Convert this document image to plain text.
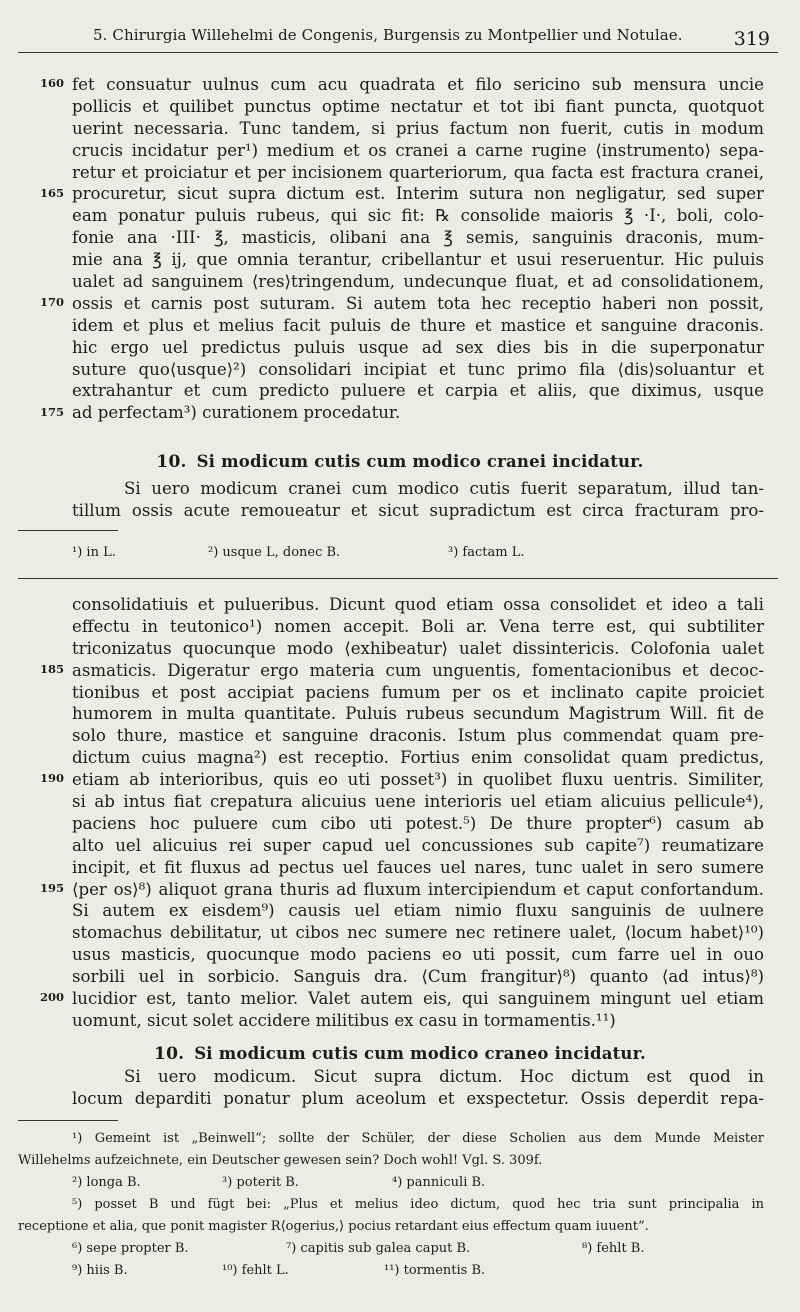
5. Chirurgia Willehelmi de Congenis, Burgensis zu Montpellier und Notulae.	319
fet consuatur uulnus cum acu quadrata et filo sericino sub mensura uncie
160
pollicis et quilibet punctus optime nectatur et tot ibi fiant puncta, quotquot
uerint necessaria. Tunc tandem, si prius factum non fuerit, cutis in modum
crucis incidatur per¹) medium et os cranei a carne rugine ⟨instrumento⟩ sepa-
retur et proiciatur et per incisionem quarteriorum, qua facta est fractura cranei,
procuretur, sicut supra dictum est. Interim sutura non negligatur, sed super
165
eam ponatur puluis rubeus, qui sic fit: ℞ consolide maioris ℥ ·I·, boli, colo-
fonie ana ·III· ℥, masticis, olibani ana ℥ semis, sanguinis draconis, mum-
mie ana ℥ ij, que omnia terantur, cribellantur et usui reseruentur. Hic puluis
ualet ad sanguinem ⟨res⟩tringendum, undecunque fluat, et ad consolidationem,
ossis et carnis post suturam. Si autem tota hec receptio haberi non possit,
170
idem et plus et melius facit puluis de thure et mastice et sanguine draconis.
hic ergo uel predictus puluis usque ad sex dies bis in die superponatur
suture quo⟨usque⟩²) consolidari incipiat et tunc primo fila ⟨dis⟩soluantur et
extrahantur et cum predicto puluere et carpia et aliis, que diximus, usque
ad perfectam³) curationem procedatur.
175
10. Si modicum cutis cum modico cranei incidatur.
Si uero modicum cranei cum modico cutis fuerit separatum, illud tan-
tillum ossis acute remoueatur et sicut supradictum est circa fracturam pro-
¹) in L.	²) usque L, donec B.	³) factam L.
consolidatiuis et pulueribus. Dicunt quod etiam ossa consolidet et ideo a tali
effectu in teutonico¹) nomen accepit. Boli ar. Vena terre est, qui subtiliter
triconizatus quocunque modo ⟨exhibeatur⟩ ualet dissintericis. Colofonia ualet
asmaticis. Digeratur ergo materia cum unguentis, fomentacionibus et decoc-
185
tionibus et post accipiat paciens fumum per os et inclinato capite proiciet
humorem in multa quantitate. Puluis rubeus secundum Magistrum Will. fit de
solo thure, mastice et sanguine draconis. Istum plus commendat quam pre-
dictum cuius magna²) est receptio. Fortius enim consolidat quam predictus,
etiam ab interioribus, quis eo uti posset³) in quolibet fluxu uentris. Similiter,
190
si ab intus fiat crepatura alicuius uene interioris uel etiam alicuius pellicule⁴),
paciens hoc puluere cum cibo uti potest.⁵) De thure propter⁶) casum ab
alto uel alicuius rei super capud uel concussiones sub capite⁷) reumatizare
incipit, et fit fluxus ad pectus uel fauces uel nares, tunc ualet in sero sumere
⟨per os⟩⁸) aliquot grana thuris ad fluxum intercipiendum et caput confortandum.
195
Si autem ex eisdem⁹) causis uel etiam nimio fluxu sanguinis de uulnere
stomachus debilitatur, ut cibos nec sumere nec retinere ualet, ⟨locum habet⟩¹⁰)
usus masticis, quocunque modo paciens eo uti possit, cum farre uel in ouo
sorbili uel in sorbicio. Sanguis dra. ⟨Cum frangitur⟩⁸) quanto ⟨ad intus⟩⁸)
lucidior est, tanto melior. Valet autem eis, qui sanguinem mingunt uel etiam
200
uomunt, sicut solet accidere militibus ex casu in tormamentis.¹¹)
10. Si modicum cutis cum modico craneo incidatur.
Si uero modicum. Sicut supra dictum. Hoc dictum est quod in
locum deparditi ponatur plum aceolum et exspectetur. Ossis deperdit repa-
¹) Gemeint ist „Beinwell“; sollte der Schüler, der diese Scholien aus dem Munde Meister
Willehelms aufzeichnete, ein Deutscher gewesen sein? Doch wohl! Vgl. S. 309f.
²) longa B.	³) poterit B.	⁴) panniculi B.
⁵) posset B und fügt bei: „Plus et melius ideo dictum, quod hec tria sunt principalia in
receptione et alia, que ponit magister R⟨ogerius,⟩ pocius retardant eius effectum quam iuuent“.
⁶) sepe propter B.	⁷) capitis sub galea caput B.	⁸) fehlt B.
⁹) hiis B.	¹⁰) fehlt L.	¹¹) tormentis B.
